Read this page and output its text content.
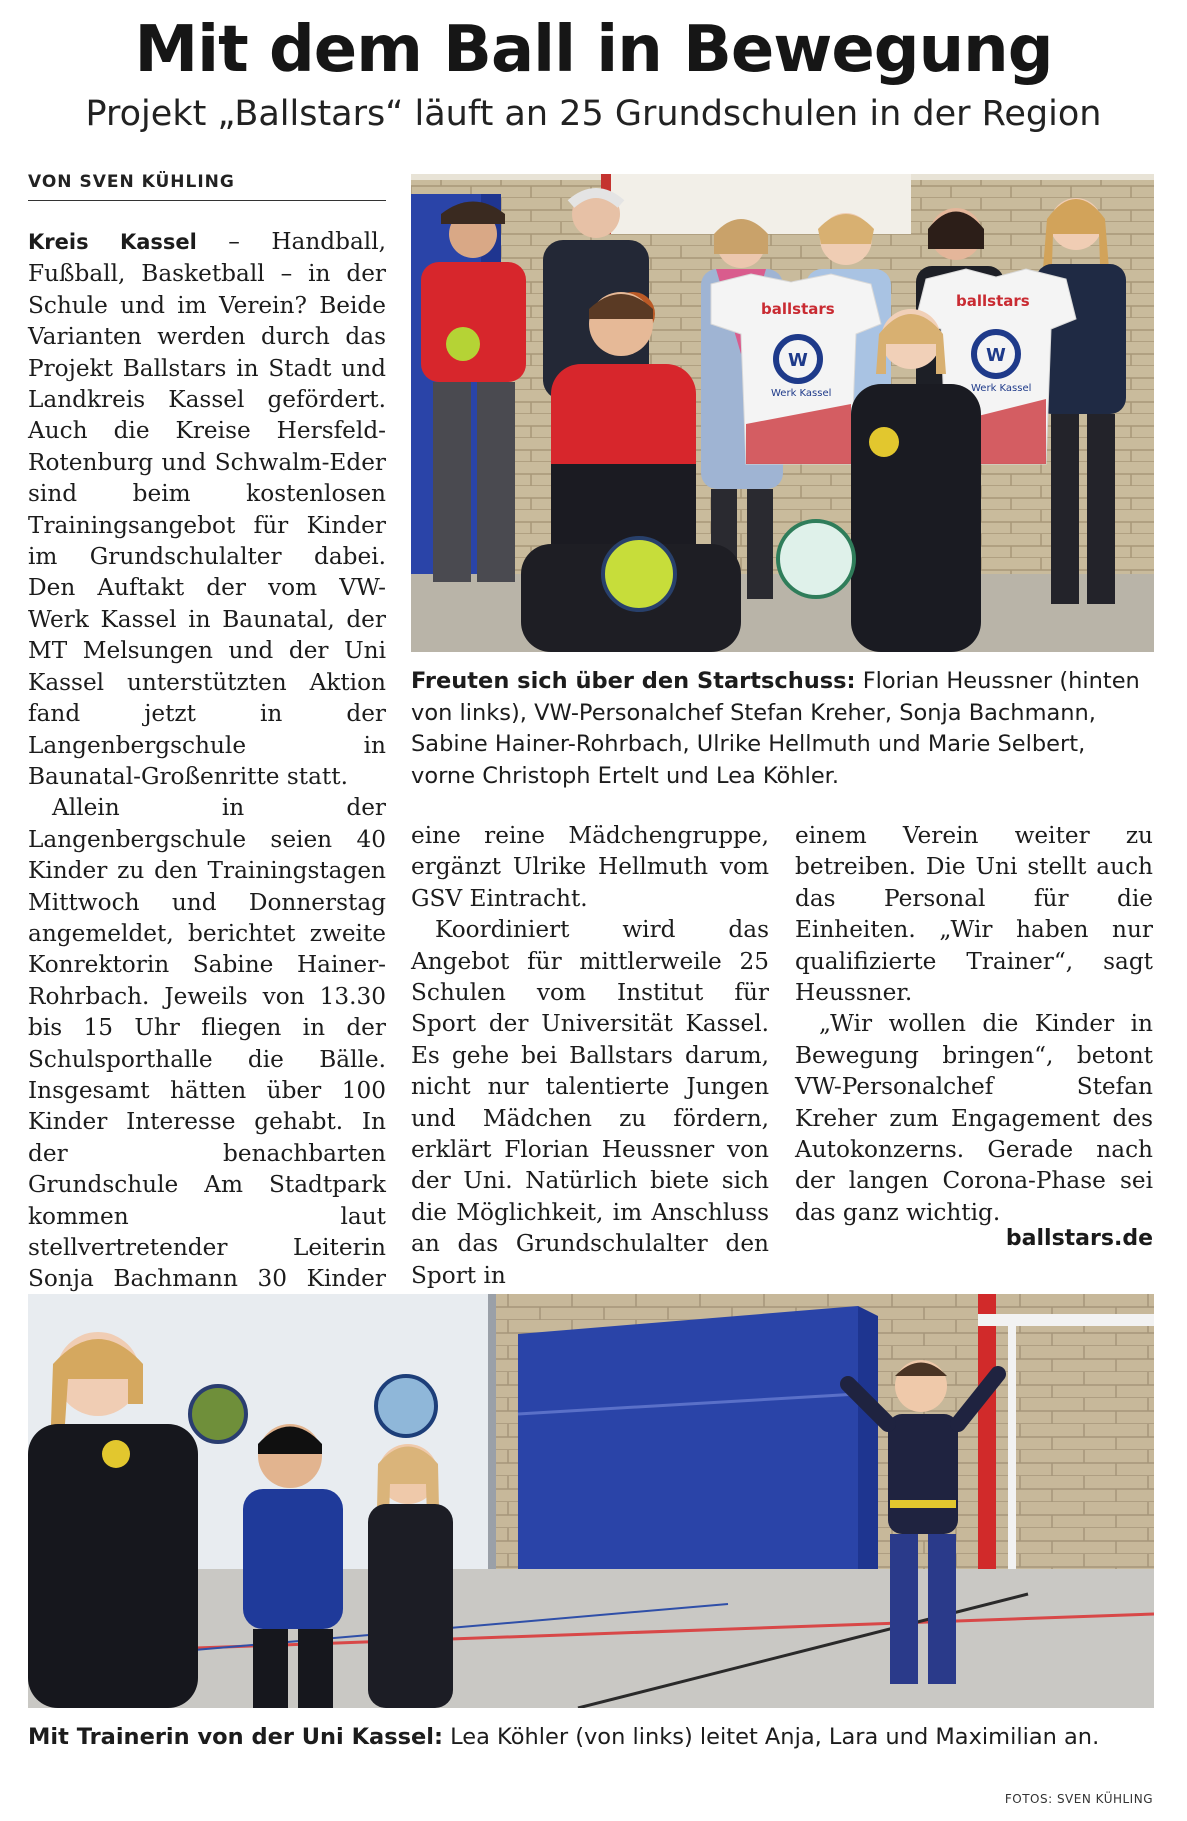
Mit dem Ball in Bewegung
Projekt „Ballstars“ läuft an 25 Grundschulen in der Region
VON SVEN KÜHLING

Kreis Kassel – Handball, Fußball, Basketball – in der Schule und im Verein? Beide Varianten werden durch das Projekt Ballstars in Stadt und Landkreis Kassel gefördert. Auch die Kreise Hersfeld-Rotenburg und Schwalm-Eder sind beim kostenlosen Trainingsangebot für Kinder im Grundschulalter dabei. Den Auftakt der vom VW-Werk Kassel in Baunatal, der MT Melsungen und der Uni Kassel unterstützten Aktion fand jetzt in der Langenbergschule in Baunatal-Großenritte statt.

Allein in der Langenbergschule seien 40 Kinder zu den Trainingstagen Mittwoch und Donnerstag angemeldet, berichtet zweite Konrektorin Sabine Hainer-Rohrbach. Jeweils von 13.30 bis 15 Uhr fliegen in der Schulsporthalle die Bälle. Insgesamt hätten über 100 Kinder Interesse gehabt. In der benachbarten Grundschule Am Stadtpark kommen laut stellvertretender Leiterin Sonja Bachmann 30 Kinder

ballstars
W
Werk Kassel
ballstars
W
Werk Kassel
Freuten sich über den Startschuss: Florian Heussner (hinten von links), VW-Personalchef Stefan Kreher, Sonja Bachmann, Sabine Hainer-Rohrbach, Ulrike Hellmuth und Marie Selbert, vorne Christoph Ertelt und Lea Köhler.

eine reine Mädchengruppe, ergänzt Ulrike Hellmuth vom GSV Eintracht.

Koordiniert wird das Angebot für mittlerweile 25 Schulen vom Institut für Sport der Universität Kassel. Es gehe bei Ballstars darum, nicht nur talentierte Jungen und Mädchen zu fördern, erklärt Florian Heussner von der Uni. Natürlich biete sich die Möglichkeit, im Anschluss an das Grundschulalter den Sport in

einem Verein weiter zu betreiben. Die Uni stellt auch das Personal für die Einheiten. „Wir haben nur qualifizierte Trainer“, sagt Heussner.

„Wir wollen die Kinder in Bewegung bringen“, betont VW-Personalchef Stefan Kreher zum Engagement des Autokonzerns. Gerade nach der langen Corona-Phase sei das ganz wichtig.

ballstars.de
Mit Trainerin von der Uni Kassel: Lea Köhler (von links) leitet Anja, Lara und Maximilian an.
FOTOS: SVEN KÜHLING
